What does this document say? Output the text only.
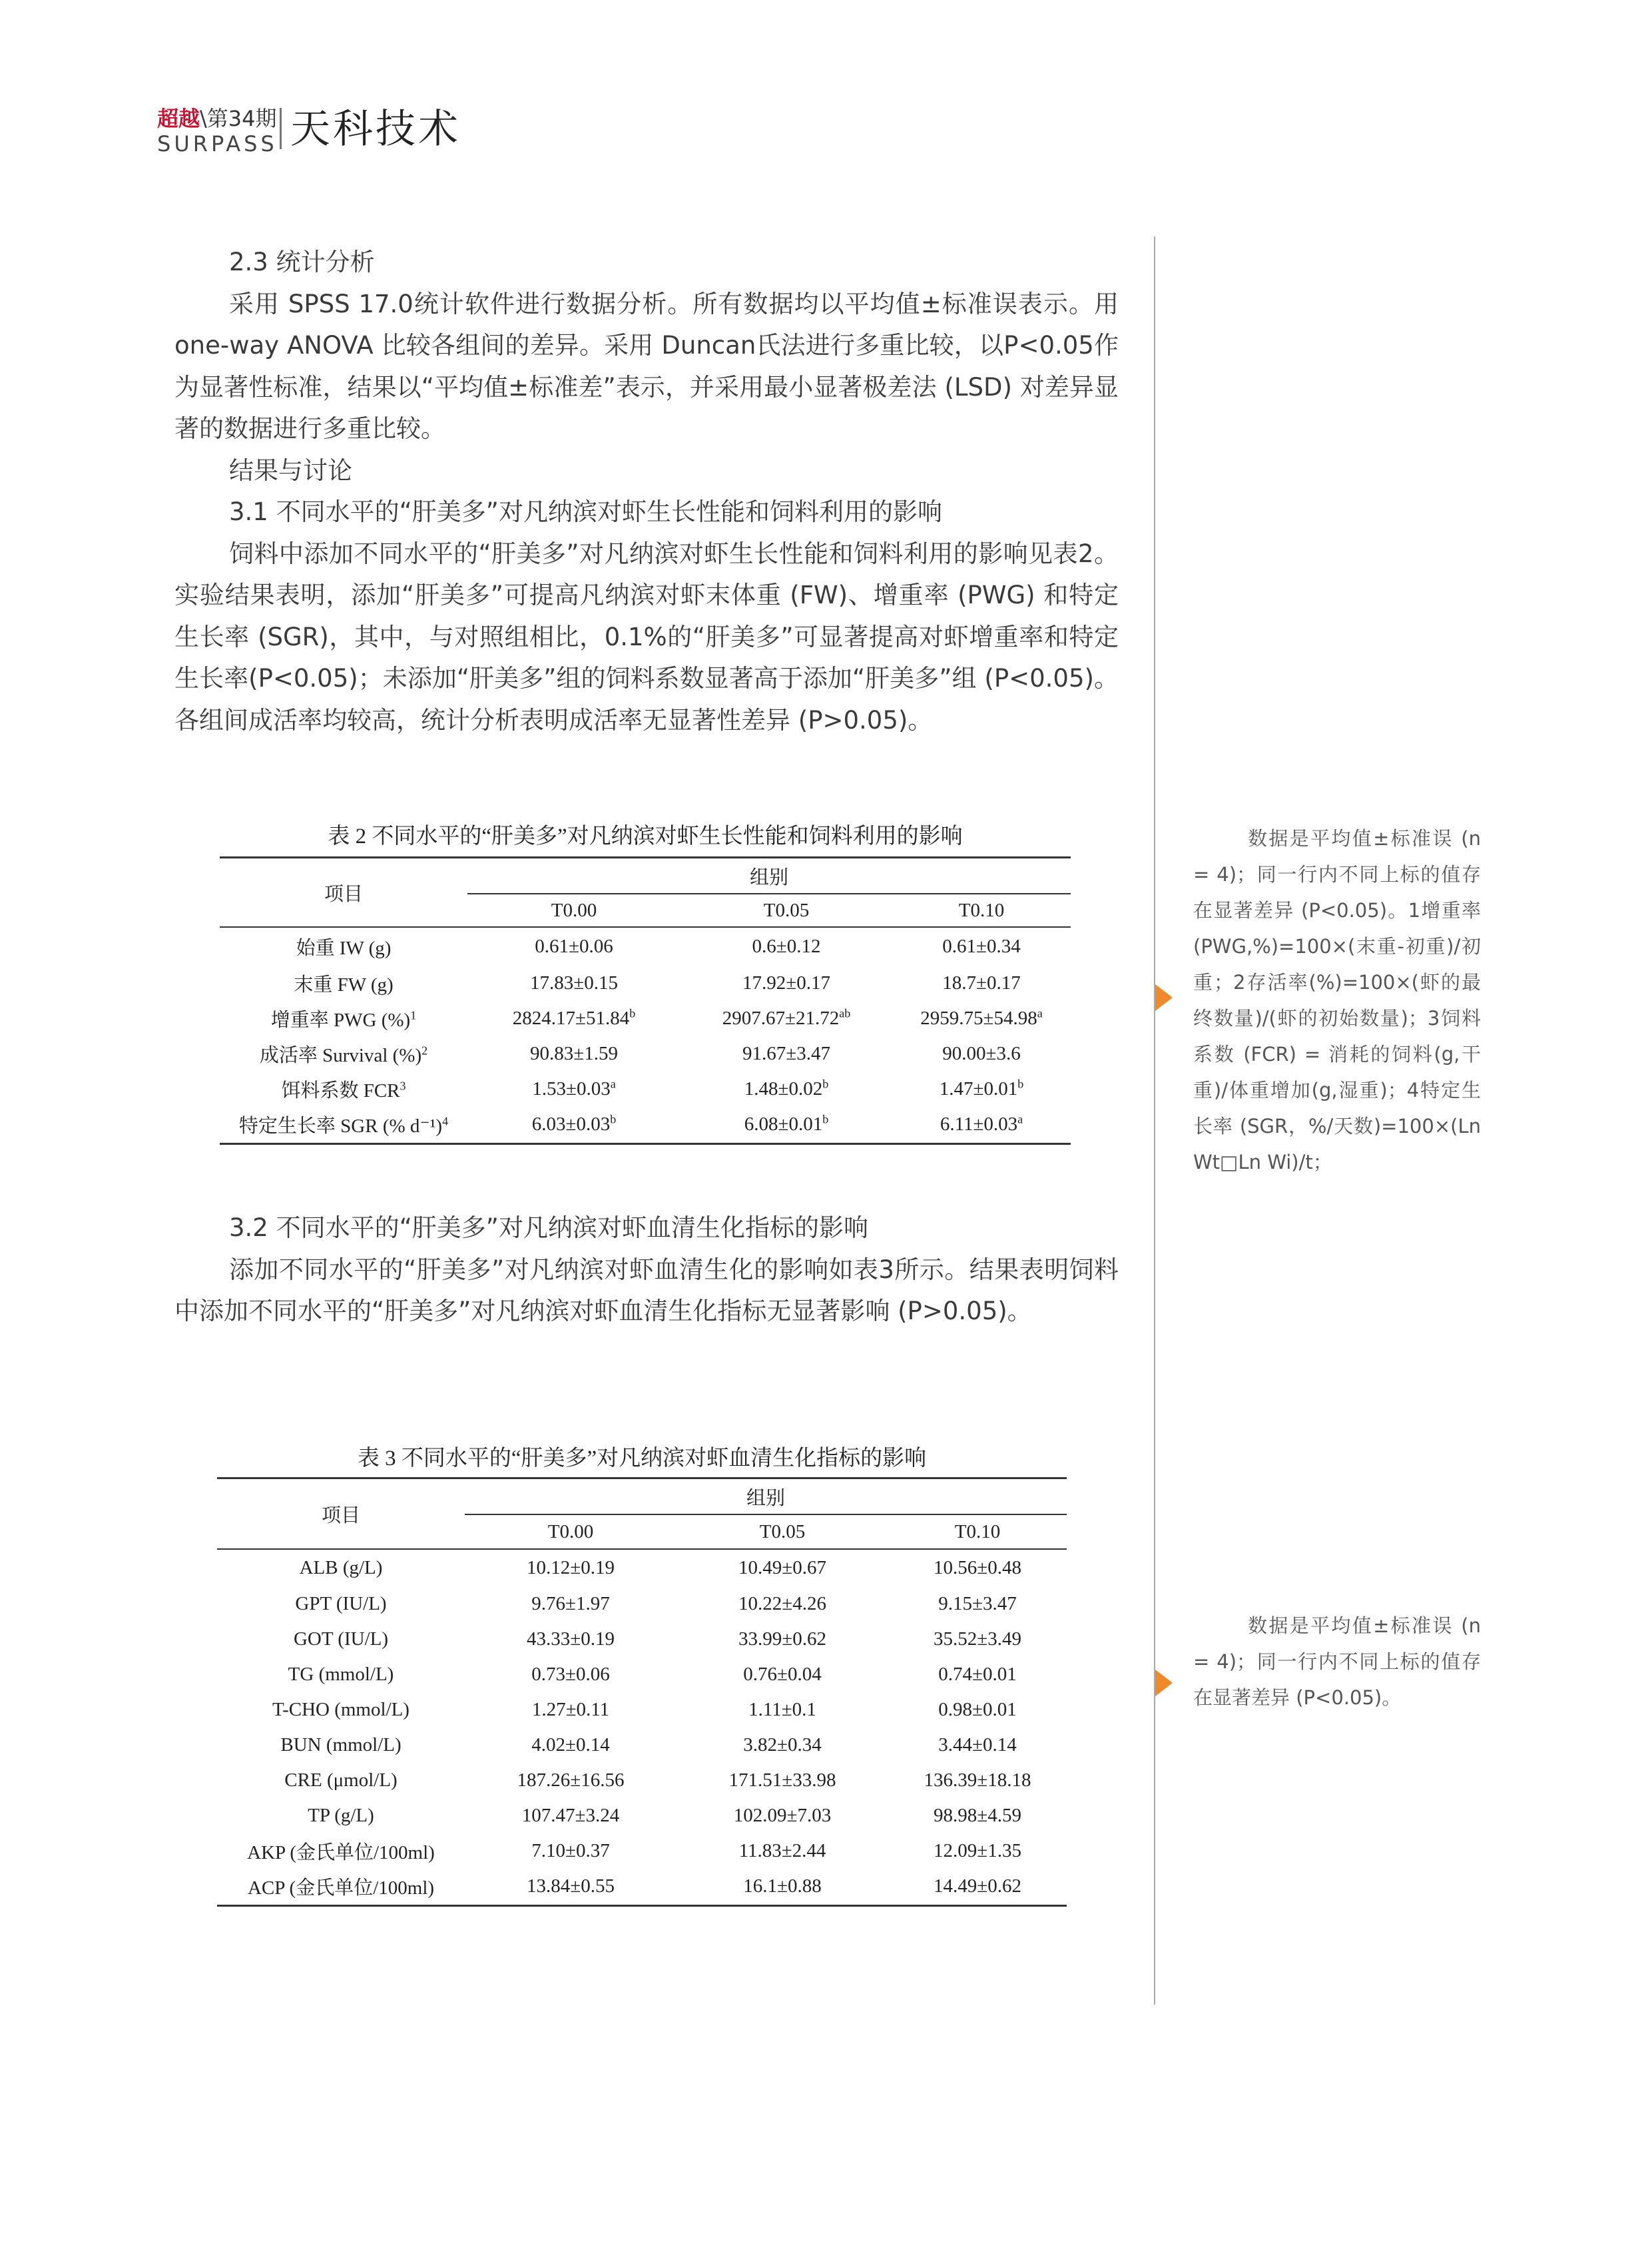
超越\第34期
SURPASS 天科技术

2.3 统计分析

采用 SPSS 17.0统计软件进行数据分析。所有数据均以平均值±标准误表示。用 one-way ANOVA 比较各组间的差异。采用 Duncan氏法进行多重比较，以P<0.05作为显著性标准，结果以“平均值±标准差”表示，并采用最小显著极差法 (LSD) 对差异显著的数据进行多重比较。

结果与讨论

3.1 不同水平的“肝美多”对凡纳滨对虾生长性能和饲料利用的影响

饲料中添加不同水平的“肝美多”对凡纳滨对虾生长性能和饲料利用的影响见表2。实验结果表明，添加“肝美多”可提高凡纳滨对虾末体重 (FW)、增重率 (PWG) 和特定生长率 (SGR)，其中，与对照组相比，0.1%的“肝美多”可显著提高对虾增重率和特定生长率(P<0.05)；未添加“肝美多”组的饲料系数显著高于添加“肝美多”组 (P<0.05)。各组间成活率均较高，统计分析表明成活率无显著性差异 (P>0.05)。

表 2 不同水平的“肝美多”对凡纳滨对虾生长性能和饲料利用的影响
项目	组别		
	T0.00	T0.05	T0.10
始重 IW (g)	0.61±0.06	0.6±0.12	0.61±0.34
末重 FW (g)	17.83±0.15	17.92±0.17	18.7±0.17
增重率 PWG (%)$^1$	2824.17±51.84$^b$	2907.67±21.72$^{ab}$	2959.75±54.98$^a$
成活率 Survival (%)$^2$	90.83±1.59	91.67±3.47	90.00±3.6
饵料系数 FCR$^3$	1.53±0.03$^a$	1.48±0.02$^b$	1.47±0.01$^b$
特定生长率 SGR (% d⁻¹)$^4$	6.03±0.03$^b$	6.08±0.01$^b$	6.11±0.03$^a$

3.2 不同水平的“肝美多”对凡纳滨对虾血清生化指标的影响

添加不同水平的“肝美多”对凡纳滨对虾血清生化的影响如表3所示。结果表明饲料中添加不同水平的“肝美多”对凡纳滨对虾血清生化指标无显著影响 (P>0.05)。

表 3 不同水平的“肝美多”对凡纳滨对虾血清生化指标的影响
项目	组别		
	T0.00	T0.05	T0.10
ALB (g/L)	10.12±0.19	10.49±0.67	10.56±0.48
GPT (IU/L)	9.76±1.97	10.22±4.26	9.15±3.47
GOT (IU/L)	43.33±0.19	33.99±0.62	35.52±3.49
TG (mmol/L)	0.73±0.06	0.76±0.04	0.74±0.01
T-CHO (mmol/L)	1.27±0.11	1.11±0.1	0.98±0.01
BUN (mmol/L)	4.02±0.14	3.82±0.34	3.44±0.14
CRE (μmol/L)	187.26±16.56	171.51±33.98	136.39±18.18
TP (g/L)	107.47±3.24	102.09±7.03	98.98±4.59
AKP (金氏单位/100ml)	7.10±0.37	11.83±2.44	12.09±1.35
ACP (金氏单位/100ml)	13.84±0.55	16.1±0.88	14.49±0.62

数据是平均值±标准误 (n = 4)；同一行内不同上标的值存在显著差异 (P<0.05)。1增重率 (PWG,%)=100×(末重-初重)/初重；2存活率(%)=100×(虾的最终数量)/(虾的初始数量)；3饲料系数 (FCR) = 消耗的饲料(g,干重)/体重增加(g,湿重)；4特定生长率 (SGR，%/天数)=100×(Ln Wt□Ln Wi)/t；

数据是平均值±标准误 (n = 4)；同一行内不同上标的值存在显著差异 (P<0.05)。
